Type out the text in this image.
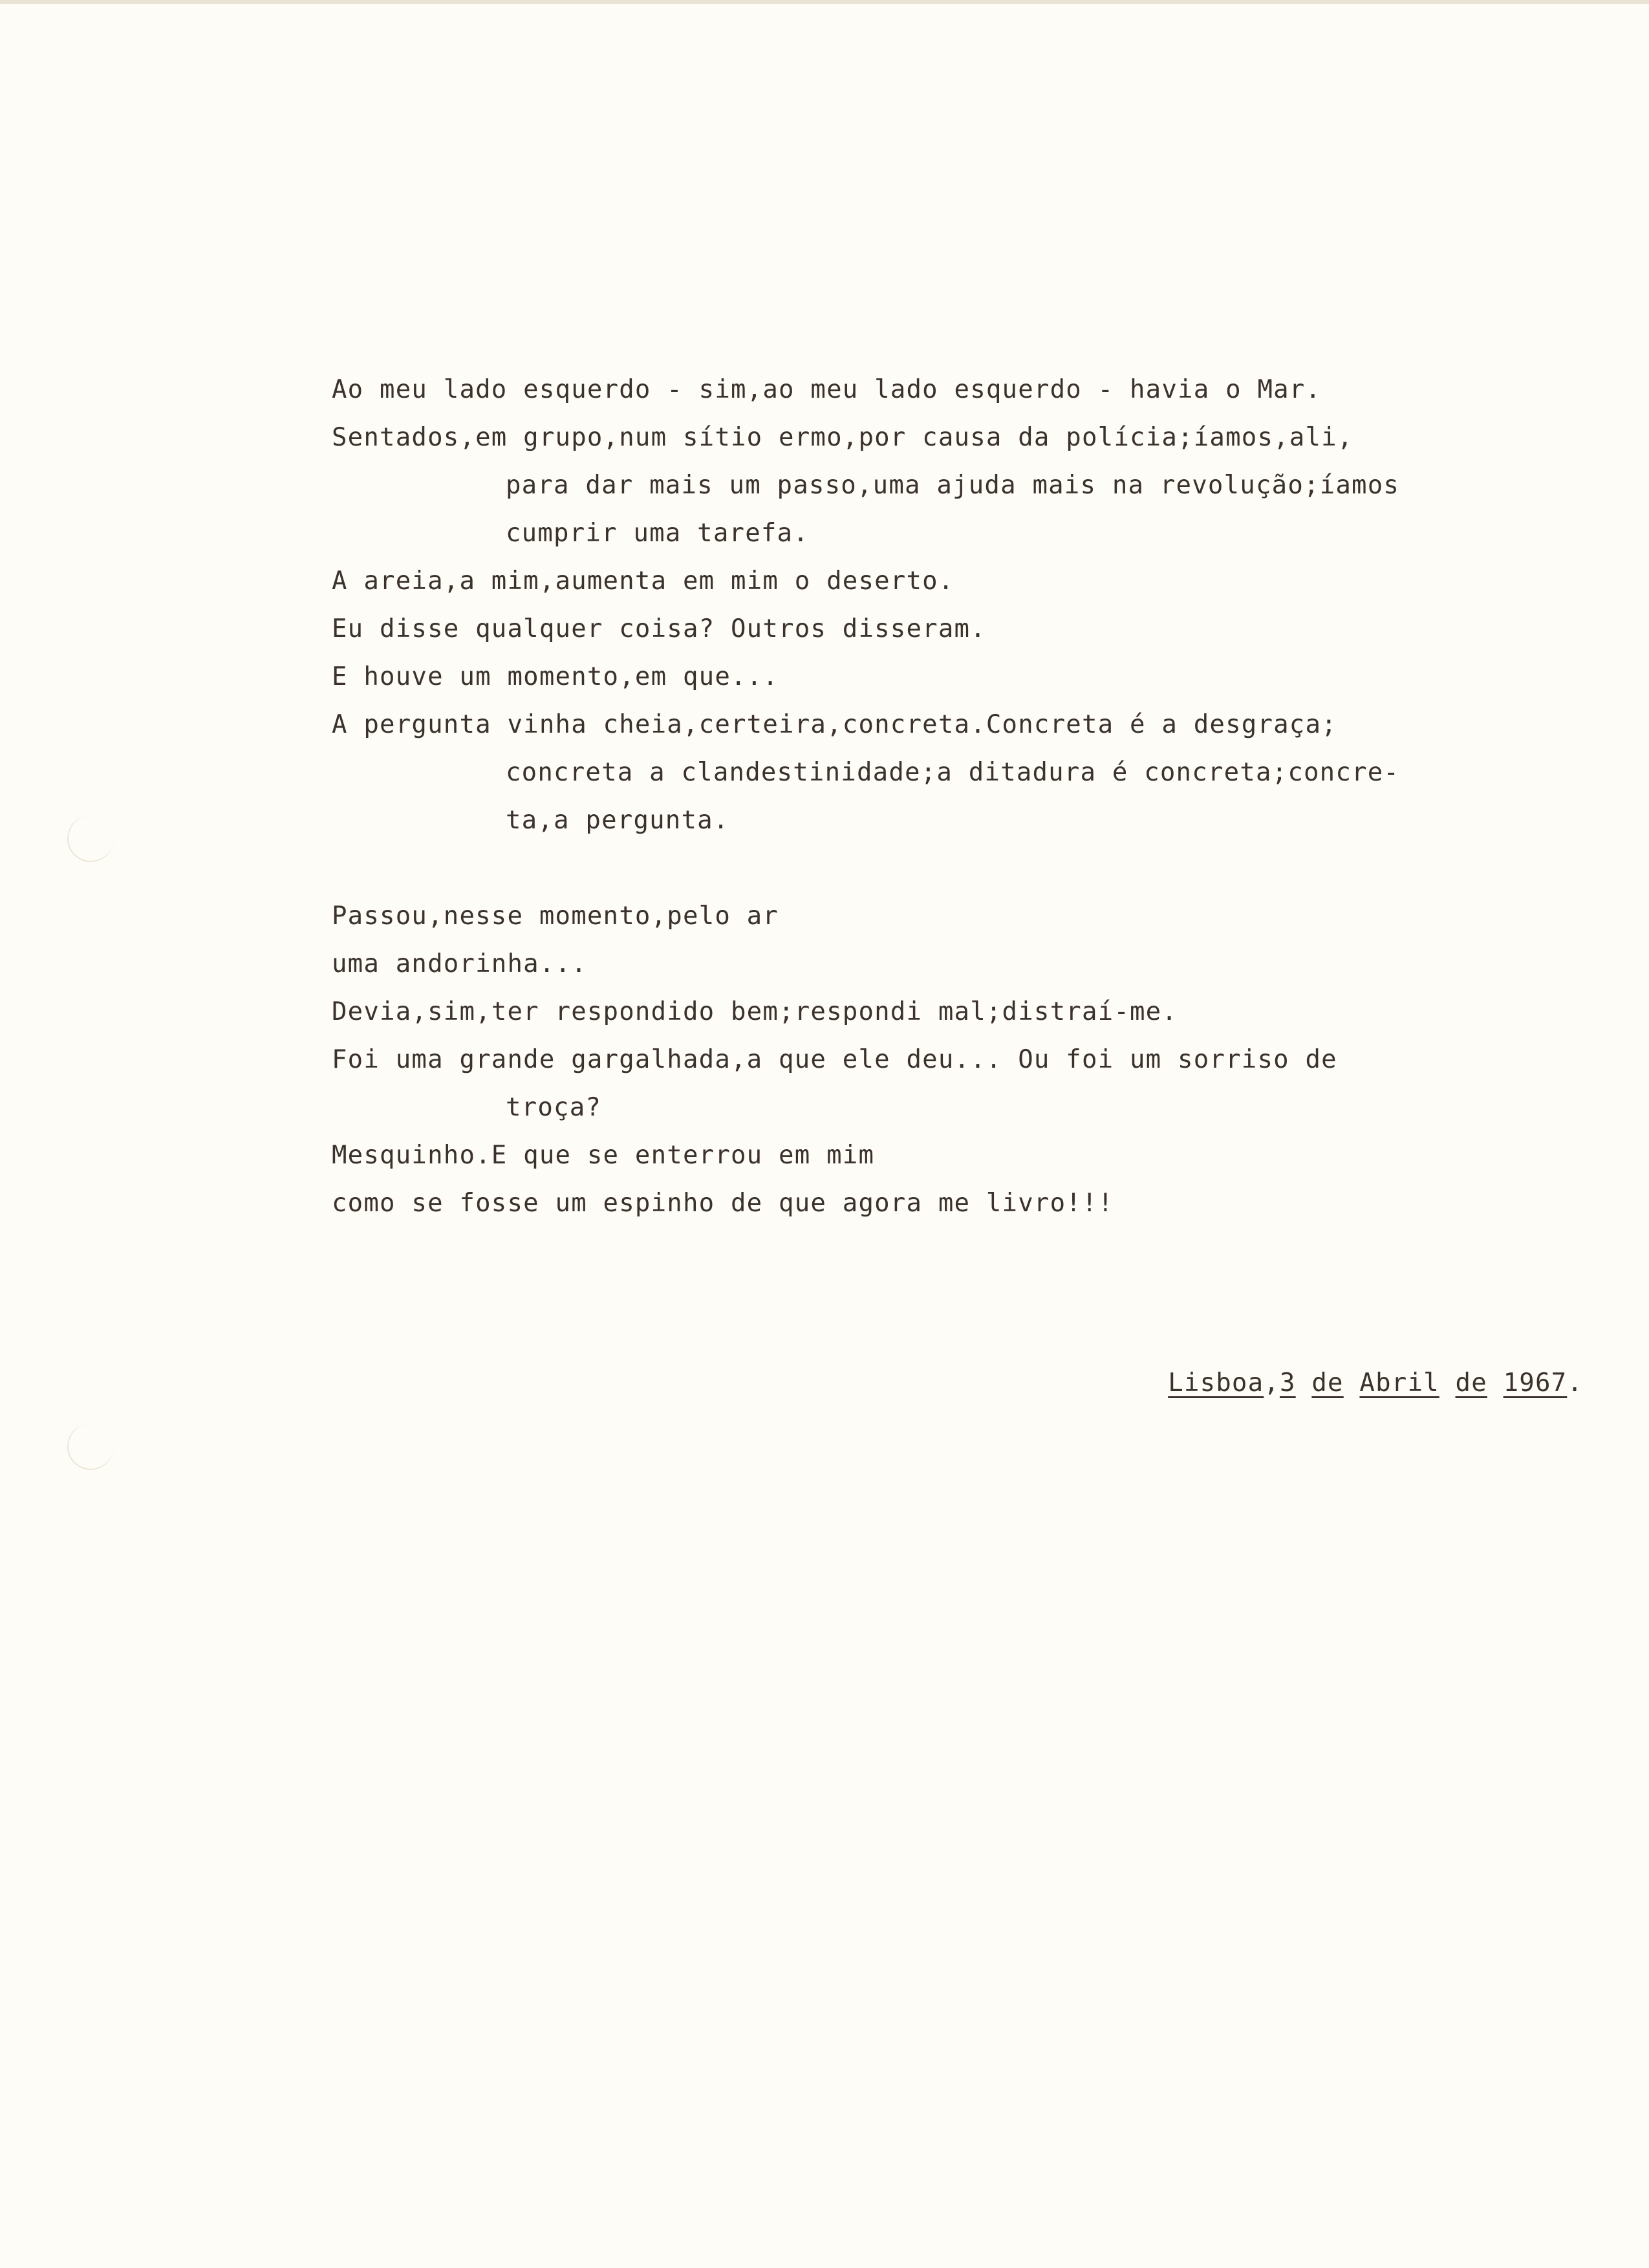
Ao meu lado esquerdo - sim,ao meu lado esquerdo - havia o Mar.
Sentados,em grupo,num sítio ermo,por causa da polícia;íamos,ali,
para dar mais um passo,uma ajuda mais na revolução;íamos
cumprir uma tarefa.
A areia,a mim,aumenta em mim o deserto.
Eu disse qualquer coisa? Outros disseram.
E houve um momento,em que...
A pergunta vinha cheia,certeira,concreta.Concreta é a desgraça;
concreta a clandestinidade;a ditadura é concreta;concre-
ta,a pergunta.
Passou,nesse momento,pelo ar
uma andorinha...
Devia,sim,ter respondido bem;respondi mal;distraí-me.
Foi uma grande gargalhada,a que ele deu... Ou foi um sorriso de
troça?
Mesquinho.E que se enterrou em mim
como se fosse um espinho de que agora me livro!!!
Lisboa,3 de Abril de 1967.
